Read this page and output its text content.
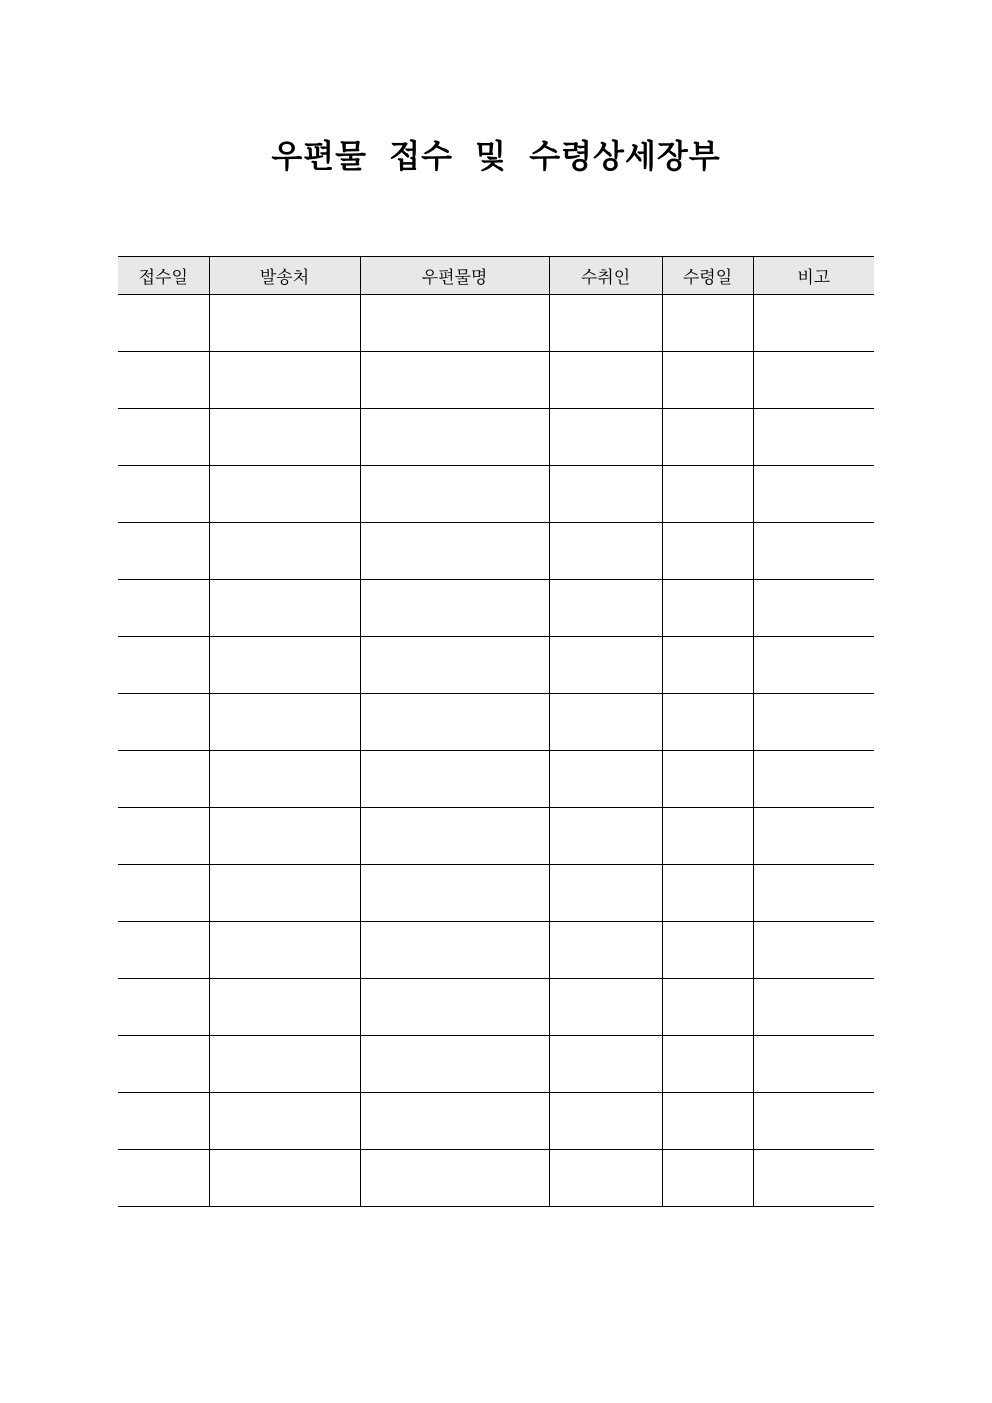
우편물 접수 및 수령상세장부
접수일	발송처	우편물명	수취인	수령일	비고
